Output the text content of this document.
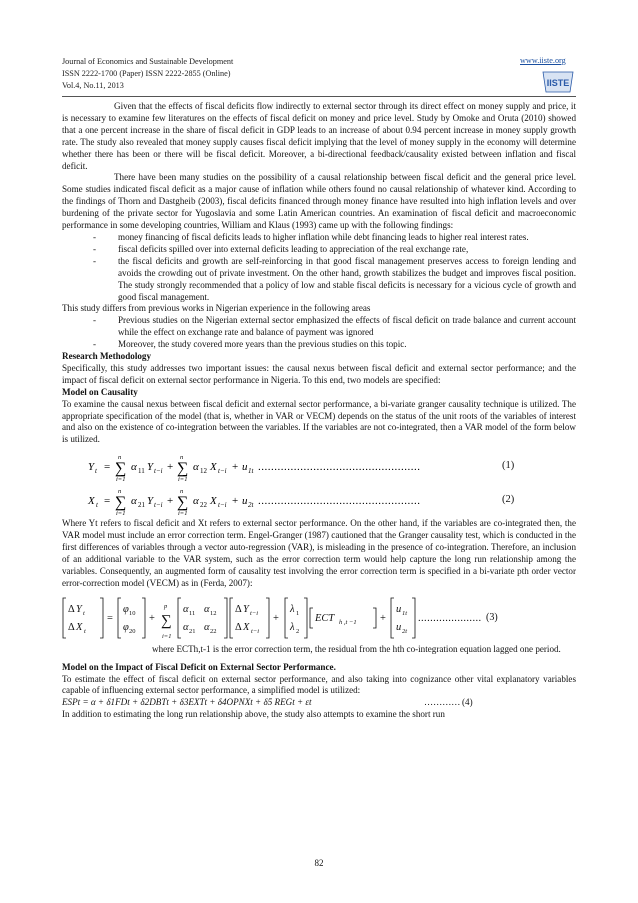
Journal of Economics and Sustainable Development
ISSN 2222-1700 (Paper) ISSN 2222-2855 (Online)
Vol.4, No.11, 2013
www.iiste.org
IISTE

Given that the effects of fiscal deficits flow indirectly to external sector through its direct effect on money supply and price, it is necessary to examine few literatures on the effects of fiscal deficit on money and price level. Study by Omoke and Oruta (2010) showed that a one percent increase in the share of fiscal deficit in GDP leads to an increase of about 0.94 percent increase in money supply growth rate. The study also revealed that money supply causes fiscal deficit implying that the level of money supply in the economy will determine whether there has been or there will be fiscal deficit. Moreover, a bi-directional feedback/causality existed between inflation and fiscal deficit.

There have been many studies on the possibility of a causal relationship between fiscal deficit and the general price level. Some studies indicated fiscal deficit as a major cause of inflation while others found no causal relationship of whatever kind. According to the findings of Thorn and Dastgheib (2003), fiscal deficits financed through money finance have resulted into high inflation levels and over burdening of the private sector for Yugoslavia and some Latin American countries. An examination of fiscal deficit and macroeconomic performance in some developing countries, William and Klaus (1993) came up with the following findings:

- money financing of fiscal deficits leads to higher inflation while debt financing leads to higher real interest rates.
- fiscal deficits spilled over into external deficits leading to appreciation of the real exchange rate,
- the fiscal deficits and growth are self-reinforcing in that good fiscal management preserves access to foreign lending and avoids the crowding out of private investment. On the other hand, growth stabilizes the budget and improves fiscal position. The study strongly recommended that a policy of low and stable fiscal deficits is necessary for a vicious cycle of growth and good fiscal management.

This study differs from previous works in Nigerian experience in the following areas

- Previous studies on the Nigerian external sector emphasized the effects of fiscal deficit on trade balance and current account while the effect on exchange rate and balance of payment was ignored
- Moreover, the study covered more years than the previous studies on this topic.

Research Methodology

Specifically, this study addresses two important issues: the causal nexus between fiscal deficit and external sector performance; and the impact of fiscal deficit on external sector performance in Nigeria. To this end, two models are specified:

Model on Causality

To examine the causal nexus between fiscal deficit and external sector performance, a bi-variate granger causality technique is utilized. The appropriate specification of the model (that is, whether in VAR or VECM) depends on the status of the unit roots of the variables of interest and also on the existence of co-integration between the variables. If the variables are not co-integrated, then a VAR model of the form below is utilized.

Y t = ∑
n
i=1
α 11 Y t−i + ∑
n
i=1
α 12 X t−i + u 1t ..................................................	(1)
X t = ∑
n
i=1
α 21 Y t−i + ∑
n
i=1
α 22 X t−i + u 2t ..................................................	(2)

Where Yt refers to fiscal deficit and Xt refers to external sector performance. On the other hand, if the variables are co-integrated then, the VAR model must include an error correction term. Engel-Granger (1987) cautioned that the Granger causality test, which is conducted in the first differences of variables through a vector auto-regression (VAR), is misleading in the presence of co-integration. Therefore, an inclusion of an additional variable to the VAR system, such as the error correction term would help capture the long run relationship among the variables. Consequently, an augmented form of causality test involving the error correction term is specified in a bi-variate pth order vector error-correction model (VECM) as in (Ferda, 2007):

Δ Y t
Δ X t
=
φ 10
φ 20
+ ∑
p
i=1
α 11 α 12
α 21 α 22
Δ Y t−i
Δ X t−i
+
λ 1
λ 2
ECT h ,t −1 +
u 1t
u 2t
..................... (3)

where ECTh,t-1 is the error correction term, the residual from the hth co-integration equation lagged one period.

Model on the Impact of Fiscal Deficit on External Sector Performance.

To estimate the effect of fiscal deficit on external sector performance, and also taking into cognizance other vital explanatory variables capable of influencing external sector performance, a simplified model is utilized:

ESPt = α + δ1FDt + δ2DBTt + δ3EXTt + δ4OPNXt + δ5 REGt + εt	………… (4)

In addition to estimating the long run relationship above, the study also attempts to examine the short run

82
